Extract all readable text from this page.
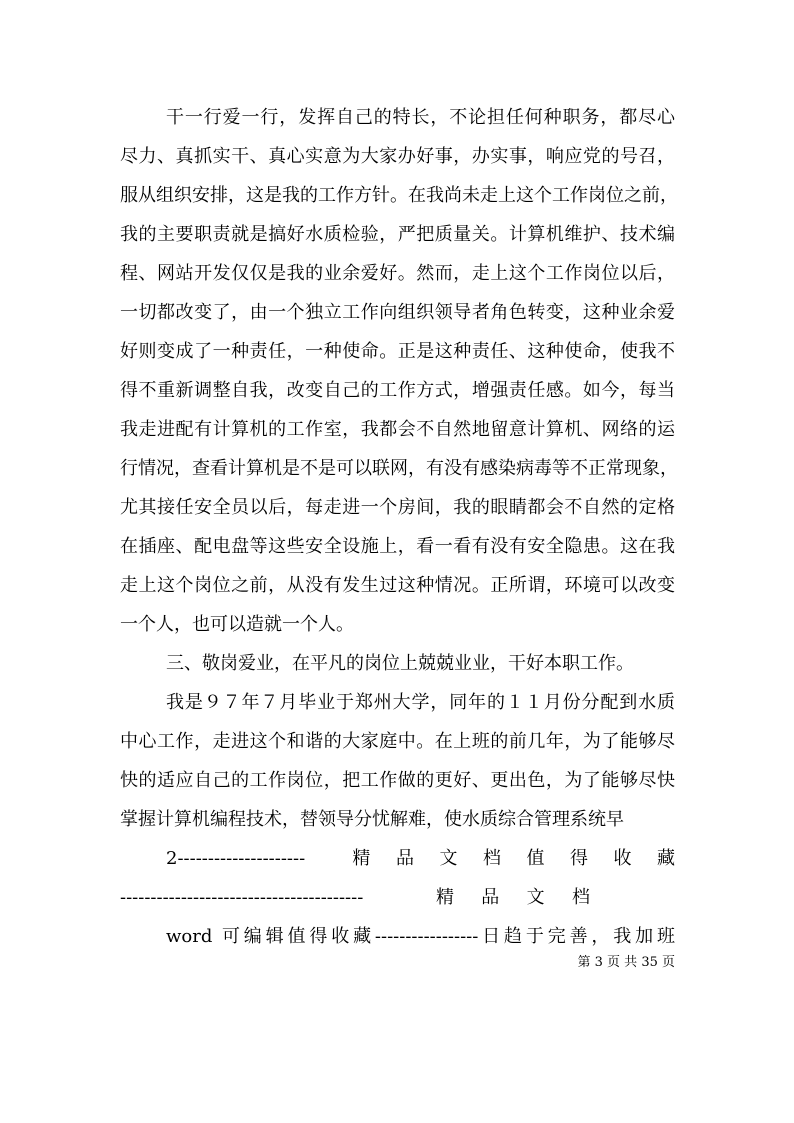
干一行爱一行，发挥自己的特长，不论担任何种职务，都尽心

尽力、真抓实干、真心实意为大家办好事，办实事，响应党的号召，

服从组织安排，这是我的工作方针。在我尚未走上这个工作岗位之前，

我的主要职责就是搞好水质检验，严把质量关。计算机维护、技术编

程、网站开发仅仅是我的业余爱好。然而，走上这个工作岗位以后，

一切都改变了，由一个独立工作向组织领导者角色转变，这种业余爱

好则变成了一种责任，一种使命。正是这种责任、这种使命，使我不

得不重新调整自我，改变自己的工作方式，增强责任感。如今，每当

我走进配有计算机的工作室，我都会不自然地留意计算机、网络的运

行情况，查看计算机是不是可以联网，有没有感染病毒等不正常现象，

尤其接任安全员以后，每走进一个房间，我的眼睛都会不自然的定格

在插座、配电盘等这些安全设施上，看一看有没有安全隐患。这在我

走上这个岗位之前，从没有发生过这种情况。正所谓，环境可以改变

一个人，也可以造就一个人。

三、敬岗爱业，在平凡的岗位上兢兢业业，干好本职工作。

我是９７年７月毕业于郑州大学，同年的１１月份分配到水质

中心工作，走进这个和谐的大家庭中。在上班的前几年，为了能够尽

快的适应自己的工作岗位，把工作做的更好、更出色，为了能够尽快

掌握计算机编程技术，替领导分忧解难，使水质综合管理系统早

2---------------------　　精　品　文　档　值　得　收　藏

----------------------------------------　精品文档

word 可编辑值得收藏-----------------日趋于完善，我加班

第 3 页 共 35 页
